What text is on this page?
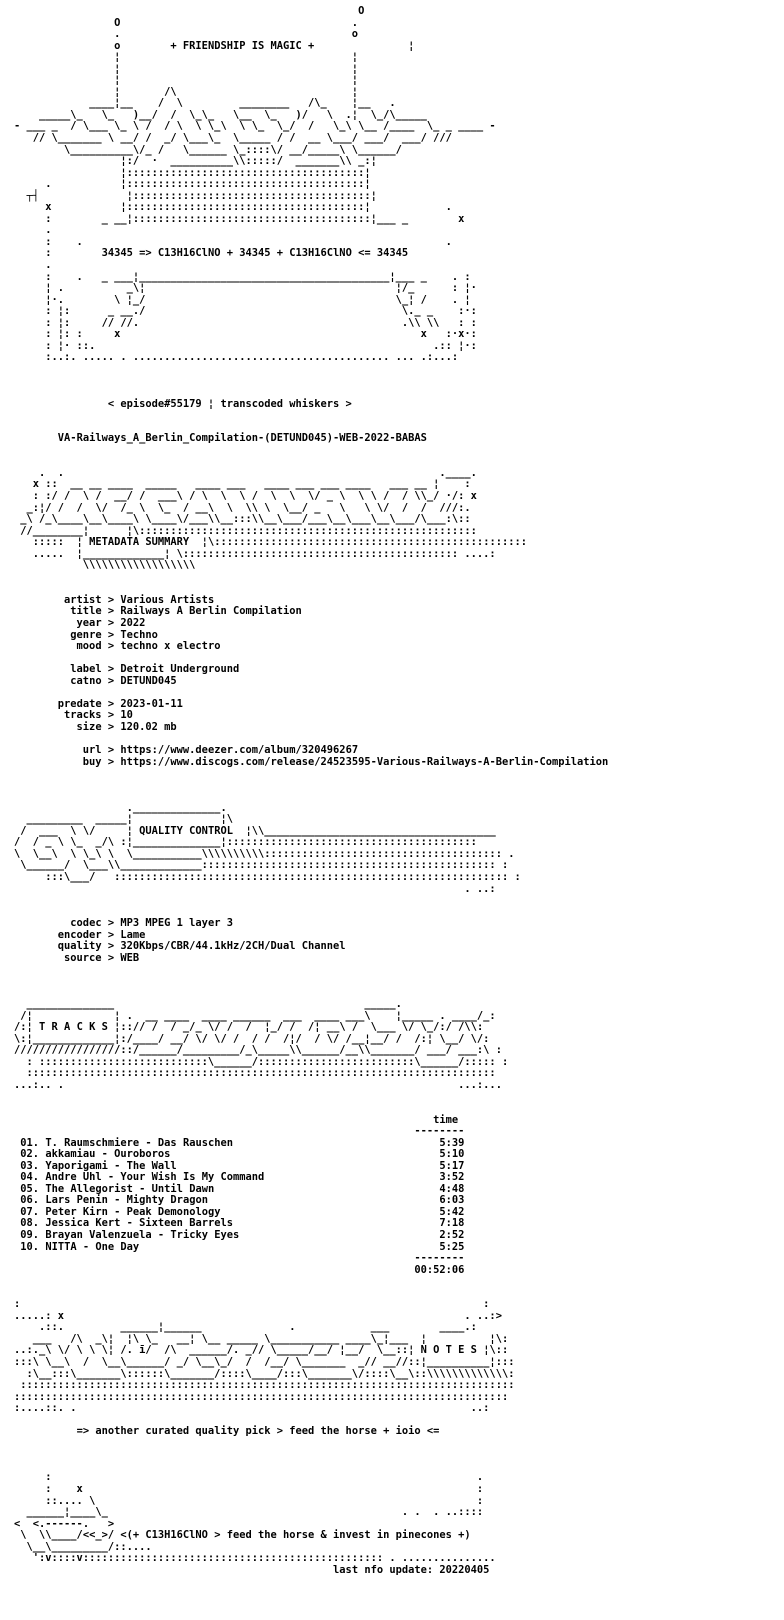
O
O                                     .
.                                     o
o        + FRIENDSHIP IS MAGIC +               ¦
¦                                     ¦
¦                                     ¦
¦                                     ¦
¦       /\                            ¦
____¦__    /  \         ________   /\_    ¦__   .
_____\_   \_   )__/  /  \_\_   \__  \_   )/   \  .¦  \_/\_____
- ___ _  / \___ \_ \ /  / \  \ \_\  \ \_  \_/  /   \_\ \__ /____  \_ _ ____ -
// \_______ \ __/ /  _/ \___\_  \_____ / /  __ \___/ ___/  ___/ ///
\__________\/_ /   \______ \_::::\/ __/_____\ \______/
¦:/  ·  __________\\:::::/  _______\\ _:¦
¦::::::::::::::::::::::::::::::::::::::¦
.           ¦::::::::::::::::::::::::::::::::::::::¦
┬┤              ¦::::::::::::::::::::::::::::::::::::::¦
x           ¦::::::::::::::::::::::::::::::::::::::¦            .
:        _ __¦::::::::::::::::::::::::::::::::::::::¦___ _        x
.
:    .                                                          .
:        34345 => C13H16ClNO + 34345 + C13H16ClNO <= 34345
.
:    .   _ ___¦________________________________________¦___ _    . :
¦ .          _\¦                                        ¦/_      : ¦·
¦·.        \ ¦_/                                        \_¦ /    . ¦
: ¦:      _ __./                                         \._ _    :·:
: ¦:     // //.                                          .\\ \\   : :
: ¦: :     x                                                x   :·x·:
: ¦· ::.                                                      .:: ¦·:
:..:. ..... . ......................................... ... .:...:

< episode#55179 ¦ transcoded whiskers >

VA-Railways_A_Berlin_Compilation-(DETUND045)-WEB-2022-BABAS

.  .                                                            .____.
x ::  __ __ ____  _____   ____ ___   ____ ___ ___ ____   ___ __ ¦    :
: :/ /  \ /  __/ /  ___\ / \  \  \ /  \  \  \/ _ \  \ \ /  / \\_/ ·/: x
_:¦/ /  /  \/  /_ \  \_  / __\  \  \\ \  \__/ _   \   \ \/  /  /  ///:.
_\ /_\____\__\____\ \____\/___\\__:::\\__\___/___\__\___\__\___/\___:\::
//________¦      ¦\::::::::::::::::::::::::::::::::::::::::::::::::::::::
:::::  ¦ METADATA SUMMARY  ¦\::::::::::::::::::::::::::::::::::::::::::::::::::
.....  ¦_____________¦ \:::::::::::::::::::::::::::::::::::::::::::: ....:
\\\\\\\\\\\\\\\\\\

artist > Various Artists
title > Railways A Berlin Compilation
year > 2022
genre > Techno
mood > techno x electro

label > Detroit Underground
catno > DETUND045

predate > 2023-01-11
tracks > 10
size > 120.02 mb

url > https://www.deezer.com/album/320496267
buy > https://www.discogs.com/release/24523595-Various-Railways-A-Berlin-Compilation

.______________.
_________  _____¦              ¦\
/  ___  \ \/     ¦ QUALITY CONTROL  ¦\\_____________________________________
/  / _ \ \_  _/\ :¦______________¦::::::::::::::::::::::::::::::::::::::::
\  \__\  \ \_\ \  \___________\\\\\\\\\\:::::::::::::::::::::::::::::::::::::: .
\______/  \___\\_____________::::::::::::::::::::::::::::::::::::::::::::::: :
:::\___/   ::::::::::::::::::::::::::::::::::::::::::::::::::::::::::::::: :
. ..:

codec > MP3 MPEG 1 layer 3
encoder > Lame
quality > 320Kbps/CBR/44.1kHz/2CH/Dual Channel
source > WEB

______________                                        _____.
/¦             ¦ .  __ ____  ____ ______  ___  ____ ___\    ¦_____ . ____/_:
/:¦ T R A C K S ¦::// /  / _/_ \/ /  /  ¦_/ /  /¦ __\ /  \___ \/ \_/:/ /\\:
\:¦_____________¦:/____/ __/ \/ \/ /  / /  /¦/  / \/ /__¦__/ /  /:¦ \__/ \/:
/////////////////::/______/_________/_\_____\\______/__\\_______/ ___/ ___:\ :
: :::::::::::::::::::::::::::\______/:::::::::::::::::::::::::\______/::::: :
:::::::::::::::::::::::::::::::::::::::::::::::::::::::::::::::::::::::::::
...:.. .                                                               ...:...

time
--------
01. T. Raumschmiere - Das Rauschen	5:39
02. akkamiau - Ouroboros	5:10
03. Yaporigami - The Wall	5:17
04. Andre Uhl - Your Wish Is My Command	3:52
05. The Allegorist - Until Dawn	4:48
06. Lars Penin - Mighty Dragon	6:03
07. Peter Kirn - Peak Demonology	5:42
08. Jessica Kert - Sixteen Barrels	7:18
09. Brayan Valenzuela - Tricky Eyes	2:52
10. NITTA - One Day	5:25
--------
00:52:06

:                                                                          :
.....: x                                                                . ..:>
.::.         ______¦______              .            ___        ____.:
___   /\  _\¦  ¦\ \_   __¦ \__ _____ \___________ ____\_¦___  ¦          ¦\:
..:._\ \/ \ \ \¦ /. ī/  /\  ______/. _// \_____/__/ ¦__/  \__::¦ N O T E S ¦\::
:::\ \__\  /  \__\______/ _/ \__\_/  /  /__/ \_______  _// __//::¦__________¦:::
:\__:::\_______\::::::\_______/::::\____/:::\_______\/::::\__\::\\\\\\\\\\\\\:
:::::::::::::::::::::::::::::::::::::::::::::::::::::::::::::::::::::::::::::::
:::::::::::::::::::::::::::::::::::::::::::::::::::::::::::::::::::::::::::::::
:....::. .                                                               ..:

=> another curated quality pick > feed the horse + ioio <=

:                                                                    .
:    x                                                               :
::.... \                                                             :
______¦____\_                                               . .  . ..::::
<  <.------.   >
\  \\____/<<_>/ <(+ C13H16ClNO > feed the horse & invest in pinecones +)
\__\_________/::....
':v::::v:::::::::::::::::::::::::::::::::::::::::::::::: . ...............
last nfo update: 20220405
